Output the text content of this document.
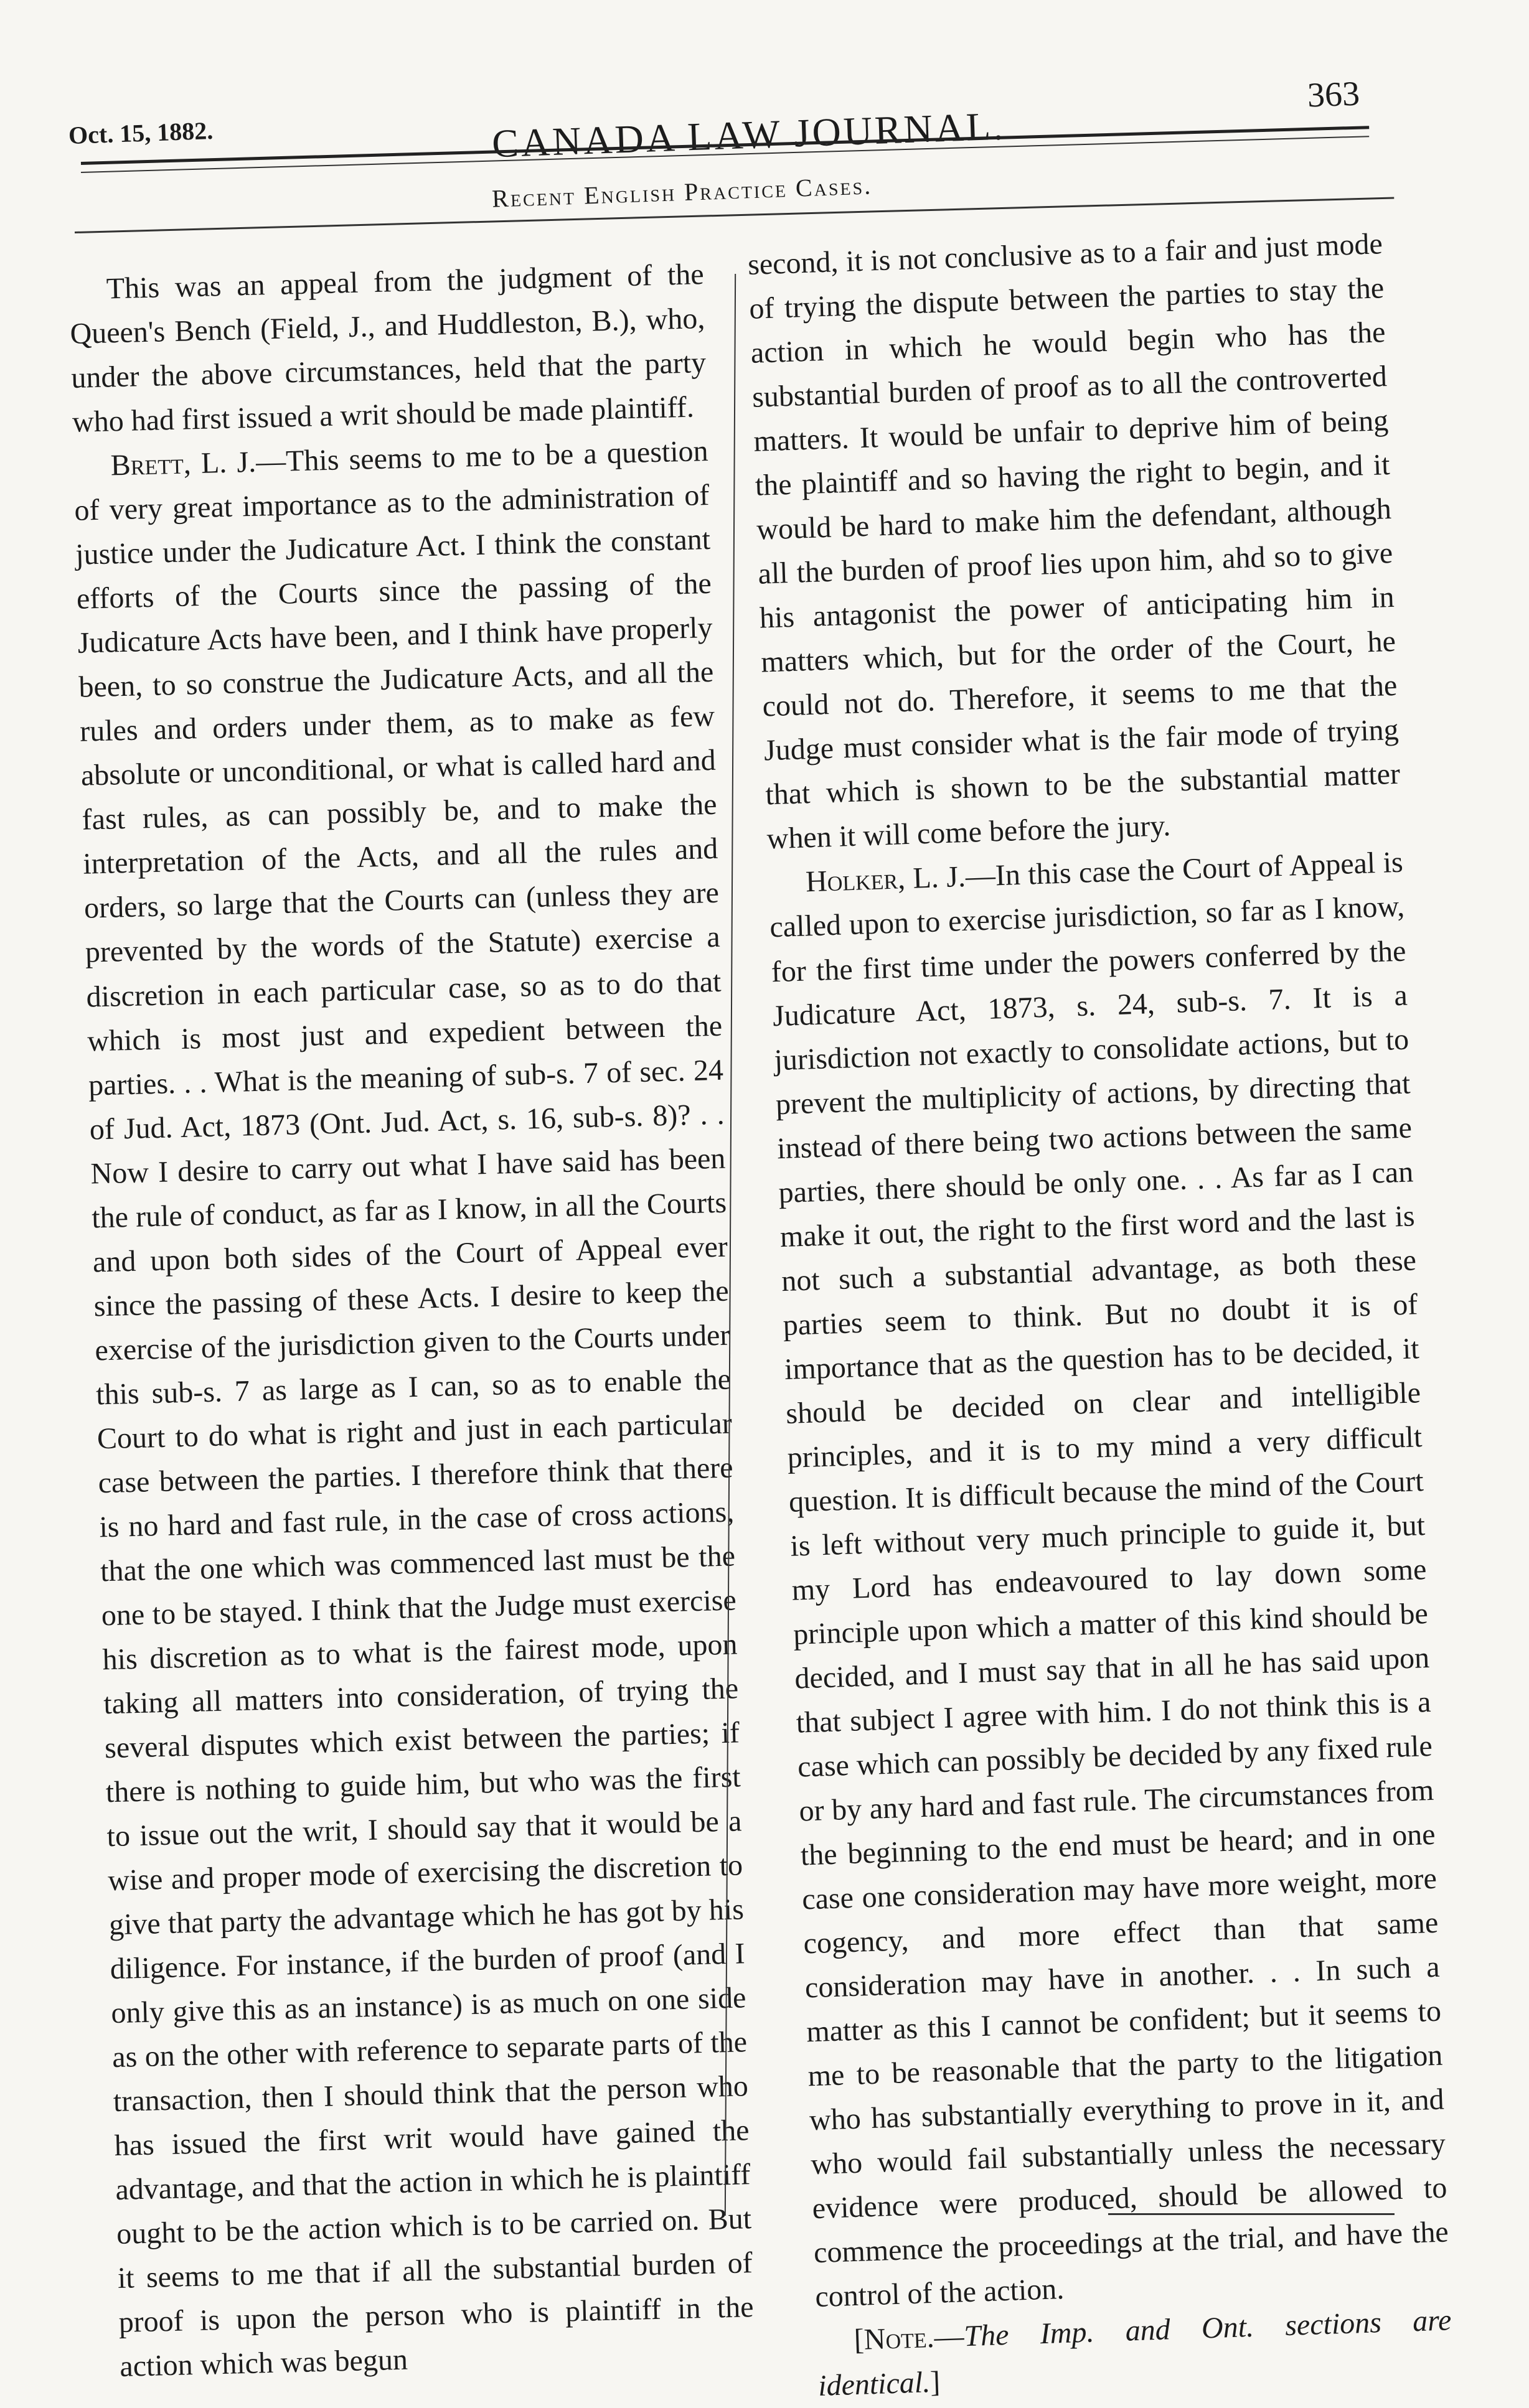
Oct. 15, 1882.	CANADA LAW JOURNAL.
363
Recent English Practice Cases.

This was an appeal from the judgment of the Queen's Bench (Field, J., and Huddleston, B.), who, under the above circumstances, held that the party who had first issued a writ should be made plaintiff.

Brett, L. J.—This seems to me to be a question of very great importance as to the administration of justice under the Judicature Act. I think the constant efforts of the Courts since the passing of the Judicature Acts have been, and I think have properly been, to so construe the Judicature Acts, and all the rules and orders under them, as to make as few absolute or unconditional, or what is called hard and fast rules, as can possibly be, and to make the interpretation of the Acts, and all the rules and orders, so large that the Courts can (unless they are prevented by the words of the Statute) exercise a discretion in each particular case, so as to do that which is most just and expedient between the parties. . . What is the meaning of sub-s. 7 of sec. 24 of Jud. Act, 1873 (Ont. Jud. Act, s. 16, sub-s. 8)? . . Now I desire to carry out what I have said has been the rule of conduct, as far as I know, in all the Courts and upon both sides of the Court of Appeal ever since the passing of these Acts. I desire to keep the exercise of the jurisdiction given to the Courts under this sub-s. 7 as large as I can, so as to enable the Court to do what is right and just in each particular case between the parties. I therefore think that there is no hard and fast rule, in the case of cross actions, that the one which was commenced last must be the one to be stayed. I think that the Judge must exercise his discretion as to what is the fairest mode, upon taking all matters into consideration, of trying the several disputes which exist between the parties; if there is nothing to guide him, but who was the first to issue out the writ, I should say that it would be a wise and proper mode of exercising the discretion to give that party the advantage which he has got by his diligence. For instance, if the burden of proof (and I only give this as an instance) is as much on one side as on the other with reference to separate parts of the transaction, then I should think that the person who has issued the first writ would have gained the advantage, and that the action in which he is plaintiff ought to be the action which is to be carried on. But it seems to me that if all the substantial burden of proof is upon the person who is plaintiff in the action which was begun

second, it is not conclusive as to a fair and just mode of trying the dispute between the parties to stay the action in which he would begin who has the substantial burden of proof as to all the controverted matters. It would be unfair to deprive him of being the plaintiff and so having the right to begin, and it would be hard to make him the defendant, although all the burden of proof lies upon him, ahd so to give his antagonist the power of anticipating him in matters which, but for the order of the Court, he could not do. Therefore, it seems to me that the Judge must consider what is the fair mode of trying that which is shown to be the substantial matter when it will come before the jury.

Holker, L. J.—In this case the Court of Appeal is called upon to exercise jurisdiction, so far as I know, for the first time under the powers conferred by the Judicature Act, 1873, s. 24, sub-s. 7. It is a jurisdiction not exactly to consolidate actions, but to prevent the multiplicity of actions, by directing that instead of there being two actions between the same parties, there should be only one. . . As far as I can make it out, the right to the first word and the last is not such a substantial advantage, as both these parties seem to think. But no doubt it is of importance that as the question has to be decided, it should be decided on clear and intelligible principles, and it is to my mind a very difficult question. It is difficult because the mind of the Court is left without very much principle to guide it, but my Lord has endeavoured to lay down some principle upon which a matter of this kind should be decided, and I must say that in all he has said upon that subject I agree with him. I do not think this is a case which can possibly be decided by any fixed rule or by any hard and fast rule. The circumstances from the beginning to the end must be heard; and in one case one consideration may have more weight, more cogency, and more effect than that same consideration may have in another. . . In such a matter as this I cannot be confident; but it seems to me to be reasonable that the party to the litigation who has substantially everything to prove in it, and who would fail substantially unless the necessary evidence were produced, should be allowed to commence the proceedings at the trial, and have the control of the action.

[Note.—The Imp. and Ont. sections are identical.]
